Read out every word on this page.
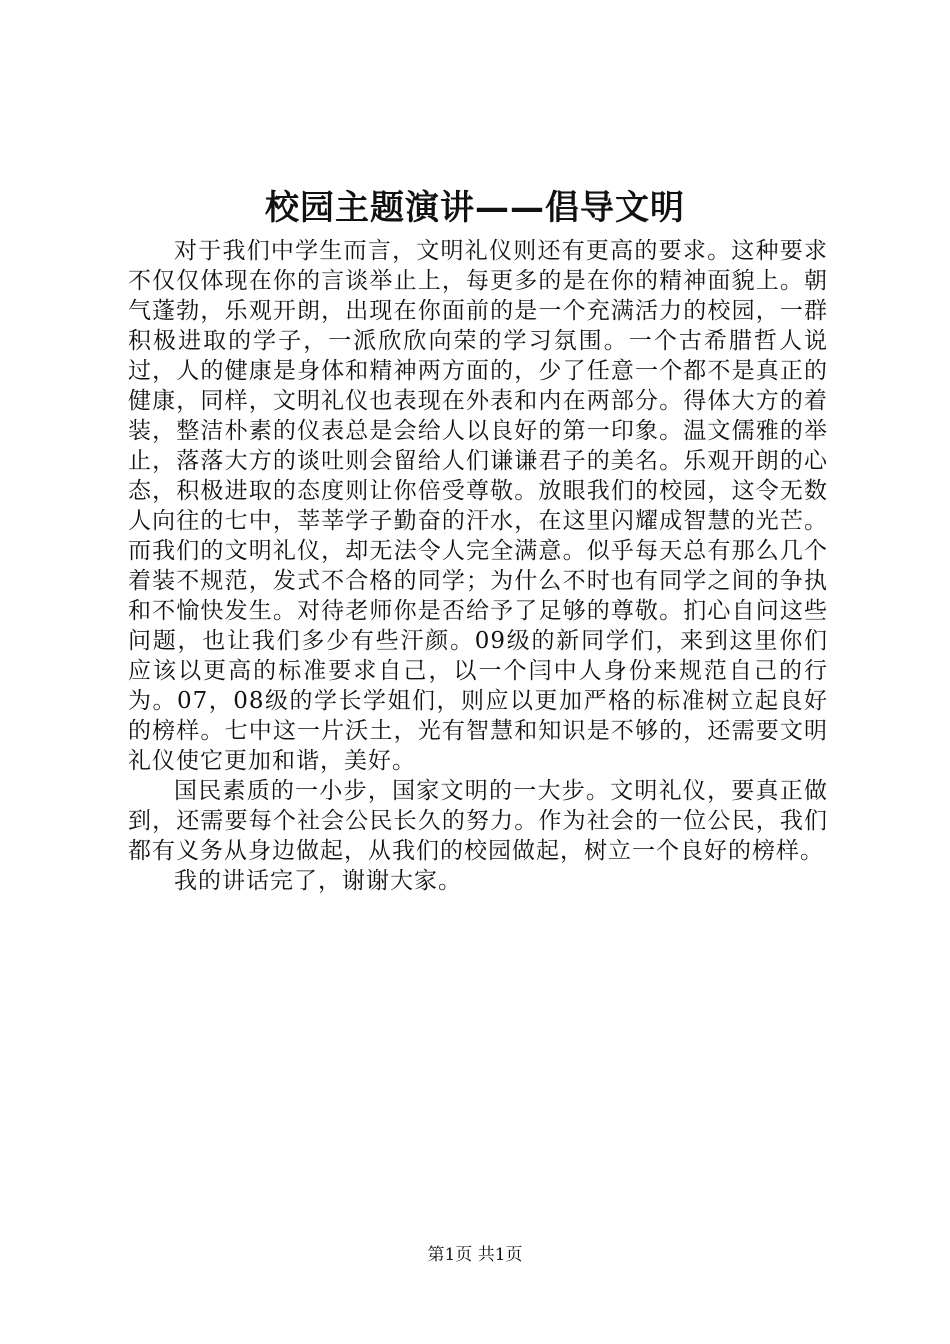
校园主题演讲——倡导文明

对于我们中学生而言，文明礼仪则还有更高的要求。这种要求不仅仅体现在你的言谈举止上，每更多的是在你的精神面貌上。朝气蓬勃，乐观开朗，出现在你面前的是一个充满活力的校园，一群积极进取的学子，一派欣欣向荣的学习氛围。一个古希腊哲人说过，人的健康是身体和精神两方面的，少了任意一个都不是真正的健康，同样，文明礼仪也表现在外表和内在两部分。得体大方的着装，整洁朴素的仪表总是会给人以良好的第一印象。温文儒雅的举止，落落大方的谈吐则会留给人们谦谦君子的美名。乐观开朗的心态，积极进取的态度则让你倍受尊敬。放眼我们的校园，这令无数人向往的七中，莘莘学子勤奋的汗水，在这里闪耀成智慧的光芒。而我们的文明礼仪，却无法令人完全满意。似乎每天总有那么几个着装不规范，发式不合格的同学；为什么不时也有同学之间的争执和不愉快发生。对待老师你是否给予了足够的尊敬。扪心自问这些问题，也让我们多少有些汗颜。09级的新同学们，来到这里你们应该以更高的标准要求自己，以一个闫中人身份来规范自己的行为。07，08级的学长学姐们，则应以更加严格的标准树立起良好的榜样。七中这一片沃土，光有智慧和知识是不够的，还需要文明礼仪使它更加和谐，美好。

国民素质的一小步，国家文明的一大步。文明礼仪，要真正做到，还需要每个社会公民长久的努力。作为社会的一位公民，我们都有义务从身边做起，从我们的校园做起，树立一个良好的榜样。

我的讲话完了，谢谢大家。

第1页 共1页
